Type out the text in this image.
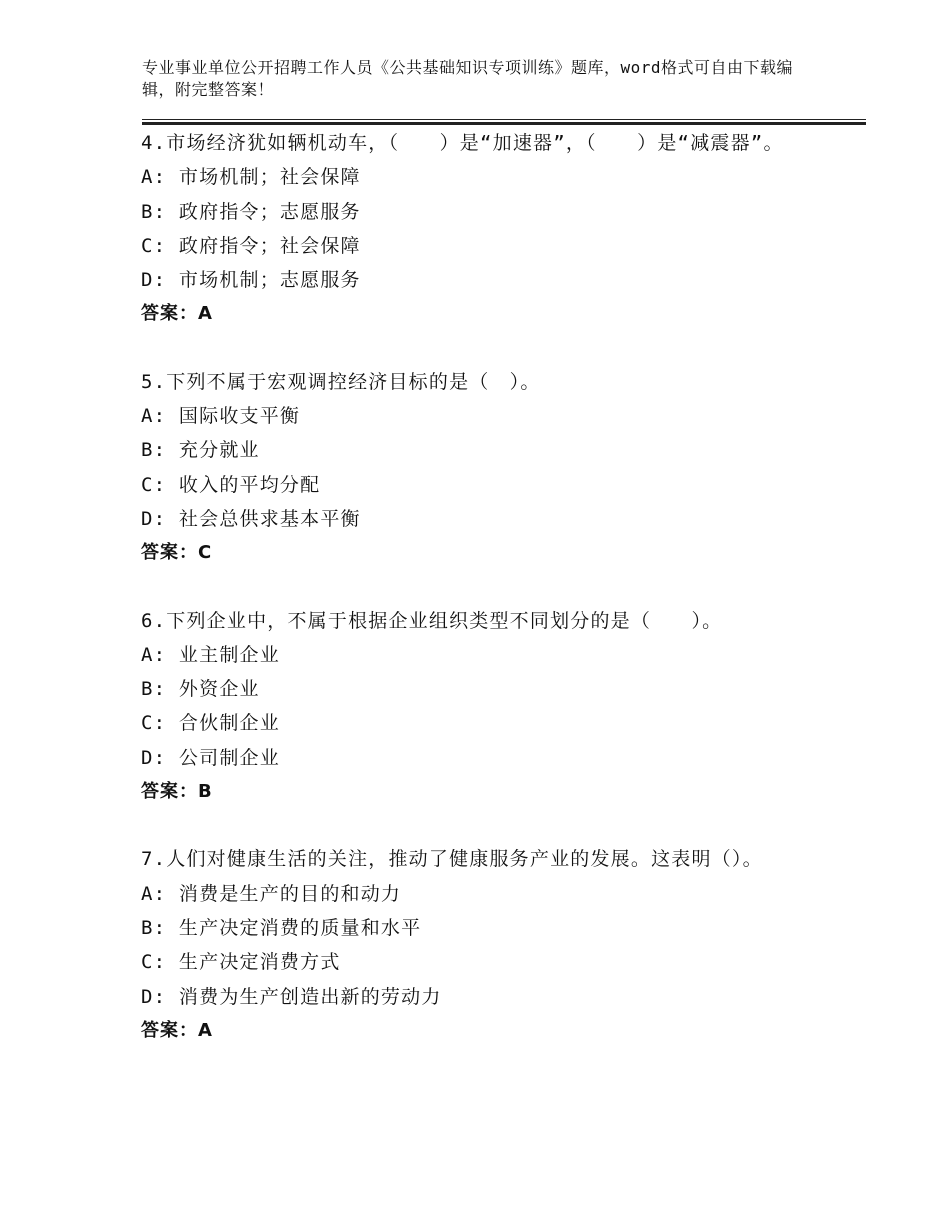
专业事业单位公开招聘工作人员《公共基础知识专项训练》题库，word格式可自由下载编辑，附完整答案！
4.市场经济犹如辆机动车，（　　）是“加速器”，（　　）是“减震器”。
A: 市场机制；社会保障
B: 政府指令；志愿服务
C: 政府指令；社会保障
D: 市场机制；志愿服务
答案：A
5.下列不属于宏观调控经济目标的是（　）。
A: 国际收支平衡
B: 充分就业
C: 收入的平均分配
D: 社会总供求基本平衡
答案：C
6.下列企业中，不属于根据企业组织类型不同划分的是（　　）。
A: 业主制企业
B: 外资企业
C: 合伙制企业
D: 公司制企业
答案：B
7.人们对健康生活的关注，推动了健康服务产业的发展。这表明（）。
A: 消费是生产的目的和动力
B: 生产决定消费的质量和水平
C: 生产决定消费方式
D: 消费为生产创造出新的劳动力
答案：A
